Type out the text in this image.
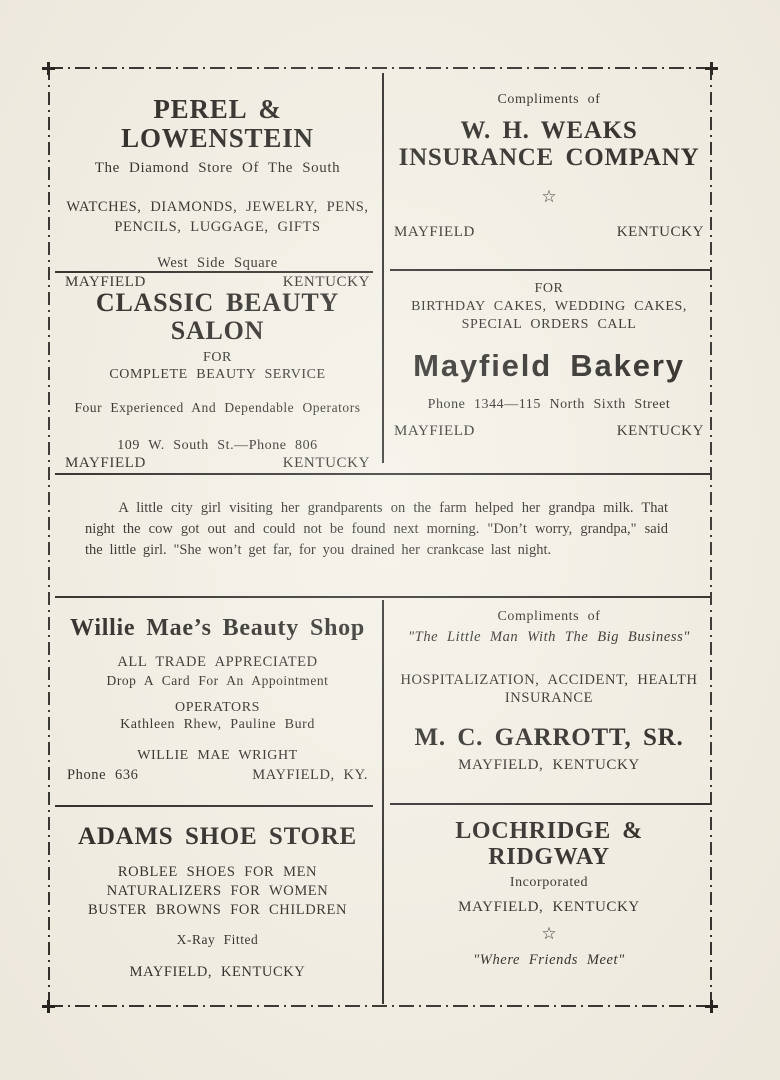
PEREL & LOWENSTEIN
The Diamond Store Of The South
WATCHES, DIAMONDS, JEWELRY, PENS,
PENCILS, LUGGAGE, GIFTS
West Side Square
MAYFIELD	KENTUCKY
Compliments of
W. H. WEAKS
INSURANCE COMPANY
☆
MAYFIELD	KENTUCKY
CLASSIC BEAUTY SALON
FOR
COMPLETE BEAUTY SERVICE
Four Experienced And Dependable Operators
109 W. South St.—Phone 806
MAYFIELD	KENTUCKY
FOR
BIRTHDAY CAKES, WEDDING CAKES,
SPECIAL ORDERS CALL
Mayfield Bakery
Phone 1344—115 North Sixth Street
MAYFIELD	KENTUCKY

A little city girl visiting her grandparents on the farm helped her grandpa milk. That night the cow got out and could not be found next morning. "Don’t worry, grandpa," said the little girl. "She won’t get far, for you drained her crankcase last night.

Willie Mae’s Beauty Shop
ALL TRADE APPRECIATED
Drop A Card For An Appointment
OPERATORS
Kathleen Rhew, Pauline Burd
WILLIE MAE WRIGHT
Phone 636	MAYFIELD, KY.
Compliments of
"The Little Man With The Big Business"
HOSPITALIZATION, ACCIDENT, HEALTH
INSURANCE
M. C. GARROTT, SR.
MAYFIELD, KENTUCKY
ADAMS SHOE STORE
ROBLEE SHOES FOR MEN
NATURALIZERS FOR WOMEN
BUSTER BROWNS FOR CHILDREN
X-Ray Fitted
MAYFIELD, KENTUCKY
LOCHRIDGE &
RIDGWAY
Incorporated
MAYFIELD, KENTUCKY
☆
"Where Friends Meet"
